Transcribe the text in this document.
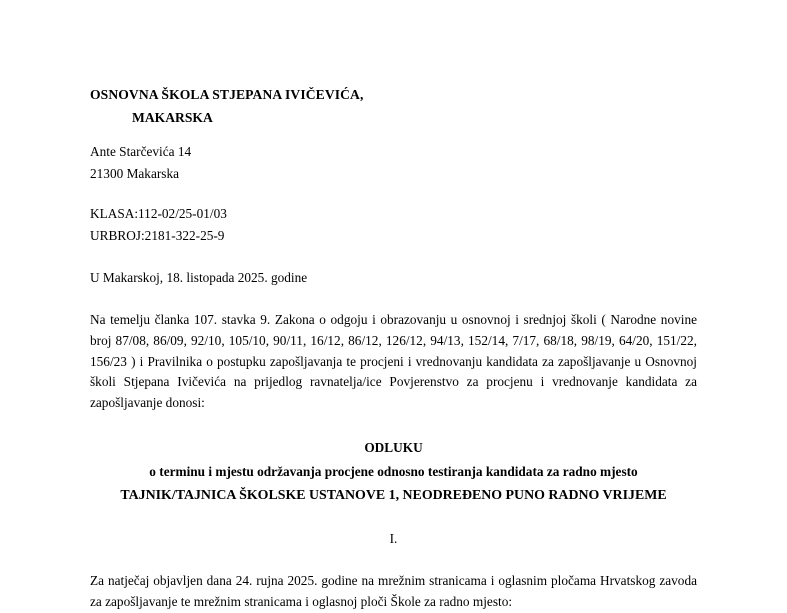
OSNOVNA ŠKOLA STJEPANA IVIČEVIĆA,
MAKARSKA
Ante Starčevića 14
21300 Makarska
KLASA:112-02/25-01/03
URBROJ:2181-322-25-9
U Makarskoj, 18. listopada 2025. godine
Na temelju članka 107. stavka 9. Zakona o odgoju i obrazovanju u osnovnoj i srednjoj školi ( Narodne novine broj 87/08, 86/09, 92/10, 105/10, 90/11, 16/12, 86/12, 126/12, 94/13, 152/14, 7/17, 68/18, 98/19, 64/20, 151/22, 156/23 ) i Pravilnika o postupku zapošljavanja te procjeni i vrednovanju kandidata za zapošljavanje u Osnovnoj školi Stjepana Ivičevića na prijedlog ravnatelja/ice Povjerenstvo za procjenu i vrednovanje kandidata za zapošljavanje donosi:
ODLUKU
o terminu i mjestu održavanja procjene odnosno testiranja kandidata za radno mjesto
TAJNIK/TAJNICA ŠKOLSKE USTANOVE 1, NEODREĐENO PUNO RADNO VRIJEME
I.
Za natječaj objavljen dana 24. rujna 2025. godine na mrežnim stranicama i oglasnim pločama Hrvatskog zavoda za zapošljavanje te mrežnim stranicama i oglasnoj ploči Škole za radno mjesto:
